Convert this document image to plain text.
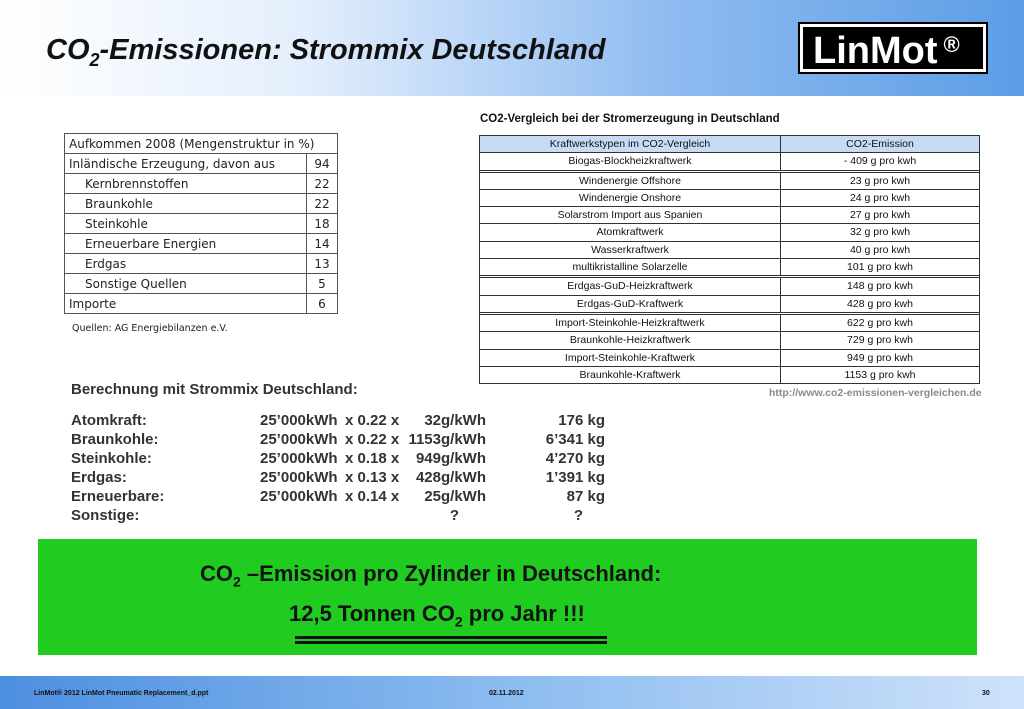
$CO_2$-Emissionen: Strommix Deutschland	LinMot ®
Aufkommen 2008 (Mengenstruktur in %)	
Inländische Erzeugung, davon aus	94
Kernbrennstoffen	22
Braunkohle	22
Steinkohle	18
Erneuerbare Energien	14
Erdgas	13
Sonstige Quellen	5
Importe	6
Quellen: AG Energiebilanzen e.V.
CO2-Vergleich bei der Stromerzeugung in Deutschland
Kraftwerkstypen im CO2-Vergleich	CO2-Emission
Biogas-Blockheizkraftwerk	- 409 g pro kwh
Windenergie Offshore	23 g pro kwh
Windenergie Onshore	24 g pro kwh
Solarstrom Import aus Spanien	27 g pro kwh
Atomkraftwerk	32 g pro kwh
Wasserkraftwerk	40 g pro kwh
multikristalline Solarzelle	101 g pro kwh
Erdgas-GuD-Heizkraftwerk	148 g pro kwh
Erdgas-GuD-Kraftwerk	428 g pro kwh
Import-Steinkohle-Heizkraftwerk	622 g pro kwh
Braunkohle-Heizkraftwerk	729 g pro kwh
Import-Steinkohle-Kraftwerk	949 g pro kwh
Braunkohle-Kraftwerk	1153 g pro kwh
http://www.co2-emissionen-vergleichen.de
Berechnung mit Strommix Deutschland:
Atomkraft:	25’000kWh x 0.22 x 32g/kWh	176 kg
Braunkohle:	25’000kWh x 0.22 x 1153g/kWh	6’341 kg
Steinkohle:	25’000kWh x 0.18 x 949g/kWh	4’270 kg
Erdgas:	25’000kWh x 0.13 x 428g/kWh	1’391 kg
Erneuerbare:	25’000kWh x 0.14 x 25g/kWh	87 kg
Sonstige:	?	?
$CO_2$ –Emission pro Zylinder in Deutschland:
12,5 Tonnen $CO_2$ pro Jahr !!!
LinMot® 2012 LinMot Pneumatic Replacement_d.ppt	02.11.2012	30
